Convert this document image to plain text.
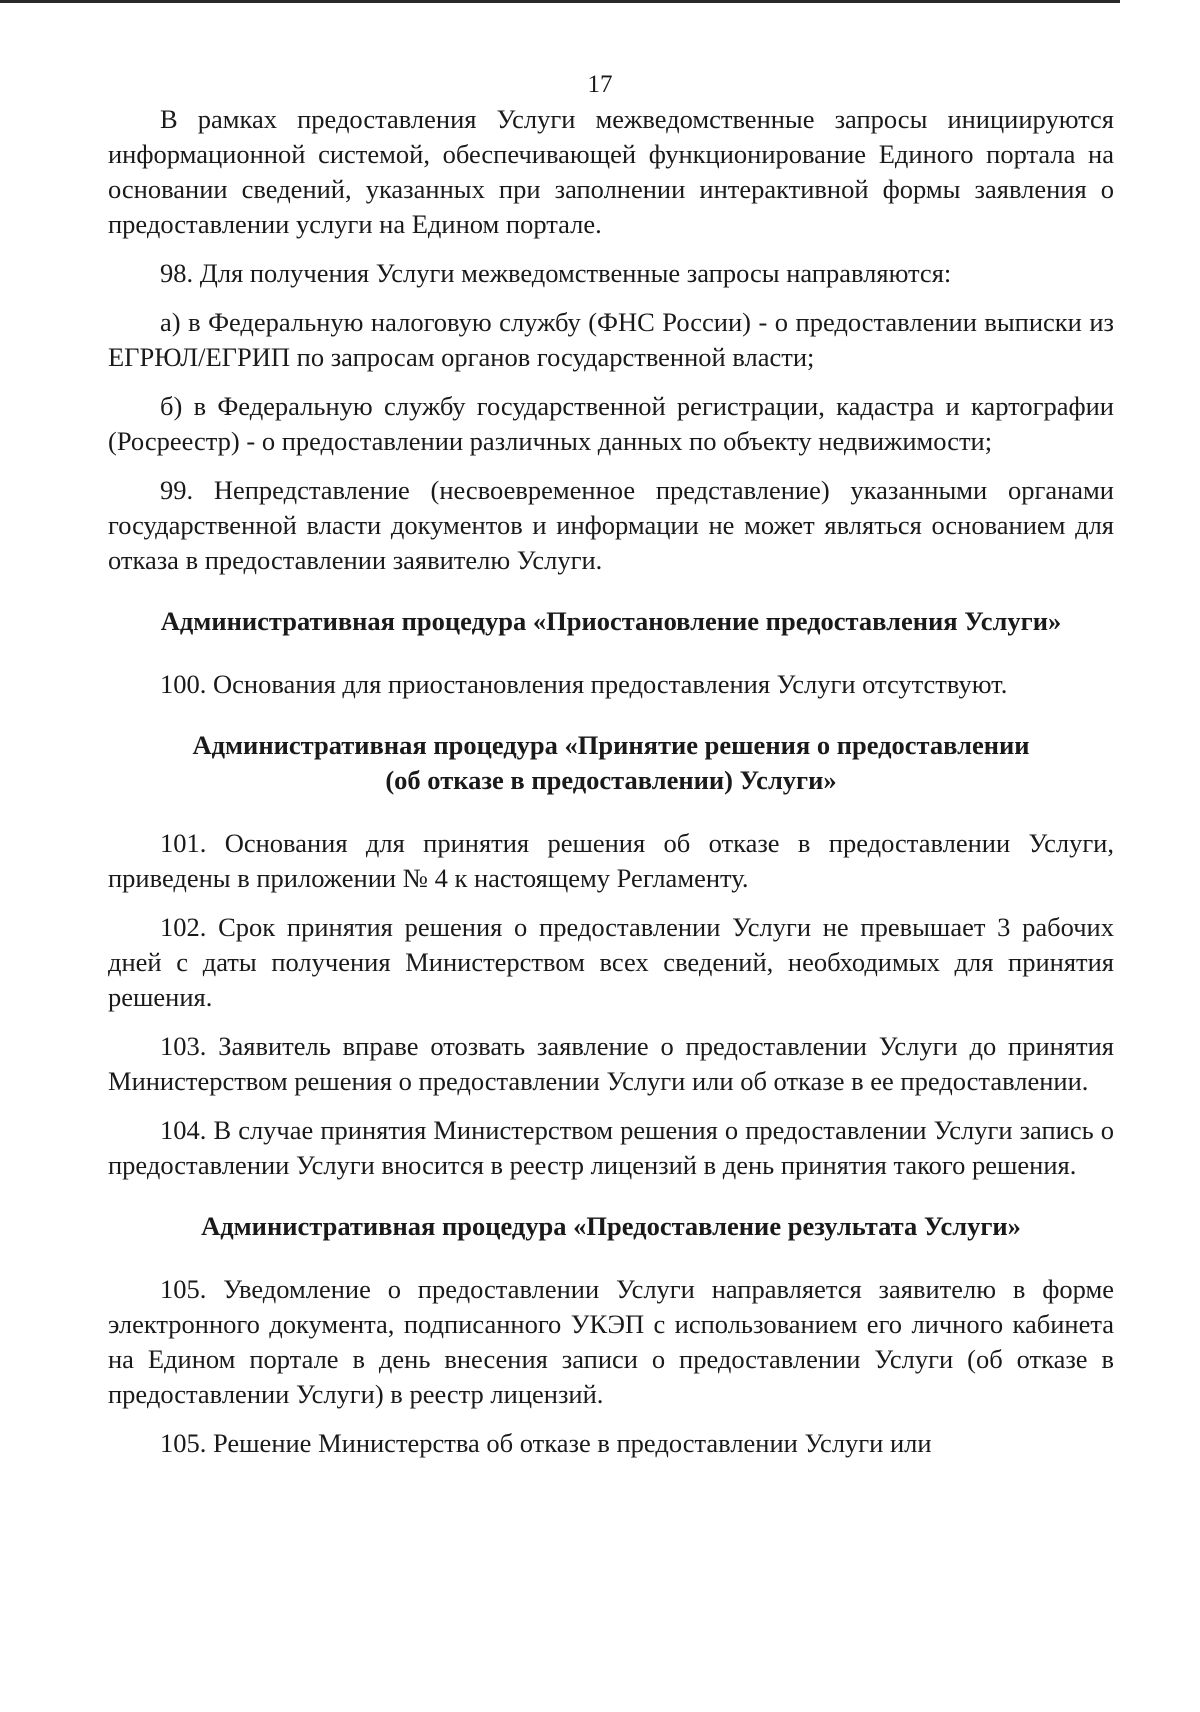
17

В рамках предоставления Услуги межведомственные запросы инициируются информационной системой, обеспечивающей функционирование Единого портала на основании сведений, указанных при заполнении интерактивной формы заявления о предоставлении услуги на Едином портале.

98. Для получения Услуги межведомственные запросы направляются:

а) в Федеральную налоговую службу (ФНС России) - о предоставлении выписки из ЕГРЮЛ/ЕГРИП по запросам органов государственной власти;

б) в Федеральную службу государственной регистрации, кадастра и картографии (Росреестр) - о предоставлении различных данных по объекту недвижимости;

99. Непредставление (несвоевременное представление) указанными органами государственной власти документов и информации не может являться основанием для отказа в предоставлении заявителю Услуги.

Административная процедура «Приостановление предоставления Услуги»

100. Основания для приостановления предоставления Услуги отсутствуют.

Административная процедура «Принятие решения о предоставлении
(об отказе в предоставлении) Услуги»

101. Основания для принятия решения об отказе в предоставлении Услуги, приведены в приложении № 4 к настоящему Регламенту.

102. Срок принятия решения о предоставлении Услуги не превышает 3 рабочих дней с даты получения Министерством всех сведений, необходимых для принятия решения.

103. Заявитель вправе отозвать заявление о предоставлении Услуги до принятия Министерством решения о предоставлении Услуги или об отказе в ее предоставлении.

104. В случае принятия Министерством решения о предоставлении Услуги запись о предоставлении Услуги вносится в реестр лицензий в день принятия такого решения.

Административная процедура «Предоставление результата Услуги»

105. Уведомление о предоставлении Услуги направляется заявителю в форме электронного документа, подписанного УКЭП с использованием его личного кабинета на Едином портале в день внесения записи о предоставлении Услуги (об отказе в предоставлении Услуги) в реестр лицензий.

105. Решение Министерства об отказе в предоставлении Услуги или
